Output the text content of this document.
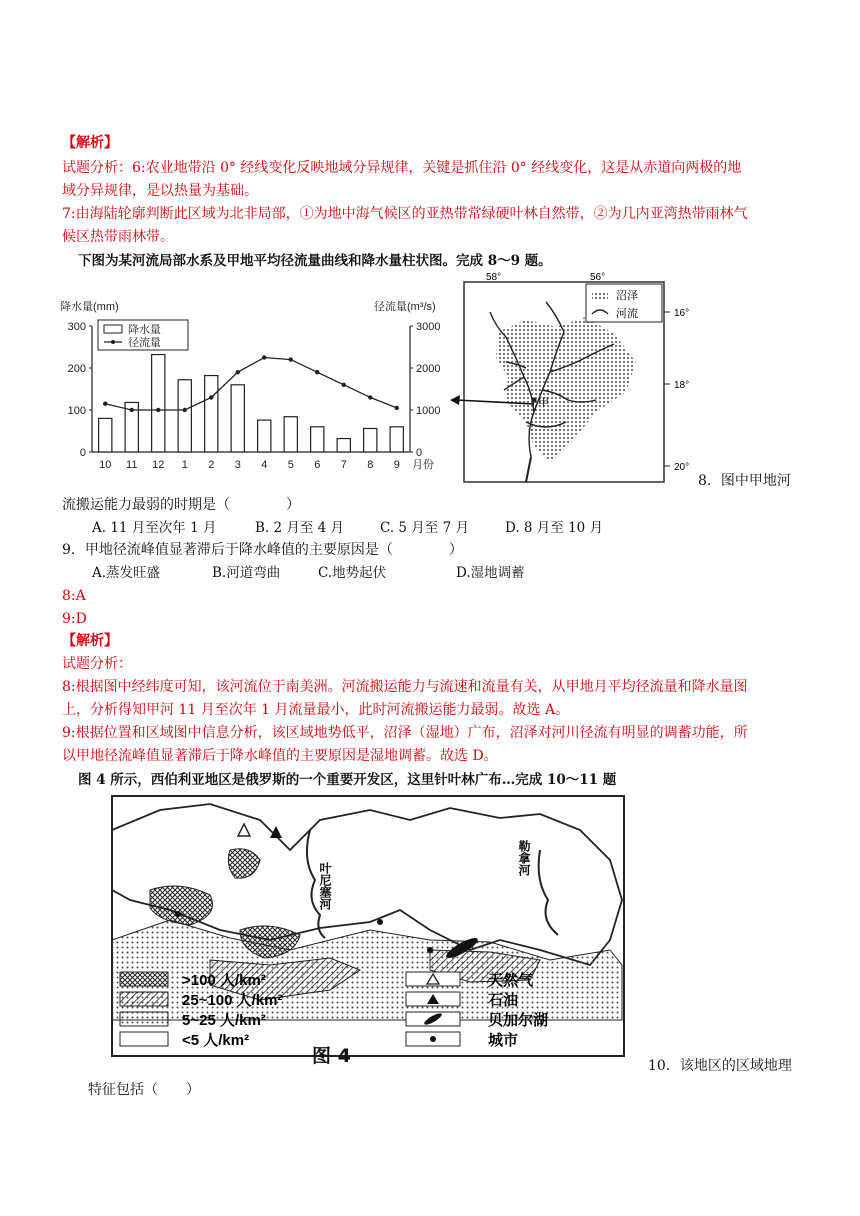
【解析】
试题分析：6:农业地带沿 0° 经线变化反映地域分异规律，关键是抓住沿 0° 经线变化，这是从赤道向两极的地
域分异规律，是以热量为基础。
7:由海陆轮廓判断此区域为北非局部，①为地中海气候区的亚热带常绿硬叶林自然带，②为几内亚湾热带雨林气
候区热带雨林带。
下图为某河流局部水系及甲地平均径流量曲线和降水量柱状图。完成 8～9 题。
0
100
200
300
0
1000
2000
3000
降水量(mm)	径流量(m³/s)
10 11 12 1 2 3 4 5 6 7 8 9 月份
降水量
径流量
沼泽
河流
甲
58°	56°
16°
18°
20°
8．图中甲地河
流搬运能力最弱的时期是（　　　　）
A. 11 月至次年 1 月	B. 2 月至 4 月	C. 5 月至 7 月	D. 8 月至 10 月
9．甲地径流峰值显著滞后于降水峰值的主要原因是（　　　　）
A.蒸发旺盛	B.河道弯曲	C.地势起伏	D.湿地调蓄
8:A
9:D
【解析】
试题分析：
8:根据图中经纬度可知，该河流位于南美洲。河流搬运能力与流速和流量有关，从甲地月平均径流量和降水量图
上，分析得知甲河 11 月至次年 1 月流量最小，此时河流搬运能力最弱。故选 A。
9:根据位置和区域图中信息分析，该区域地势低平，沼泽（湿地）广布，沼泽对河川径流有明显的调蓄功能，所
以甲地径流峰值显著滞后于降水峰值的主要原因是湿地调蓄。故选 D。
图 4 所示，西伯利亚地区是俄罗斯的一个重要开发区，这里针叶林广布…完成 10～11 题
叶尼塞河
勒拿河
>100 人/km²
25~100 人/km²
5~25 人/km²
<5 人/km²
天然气
石油
贝加尔湖
城市
图 4	10．该地区的区域地理
特征包括（　　）
